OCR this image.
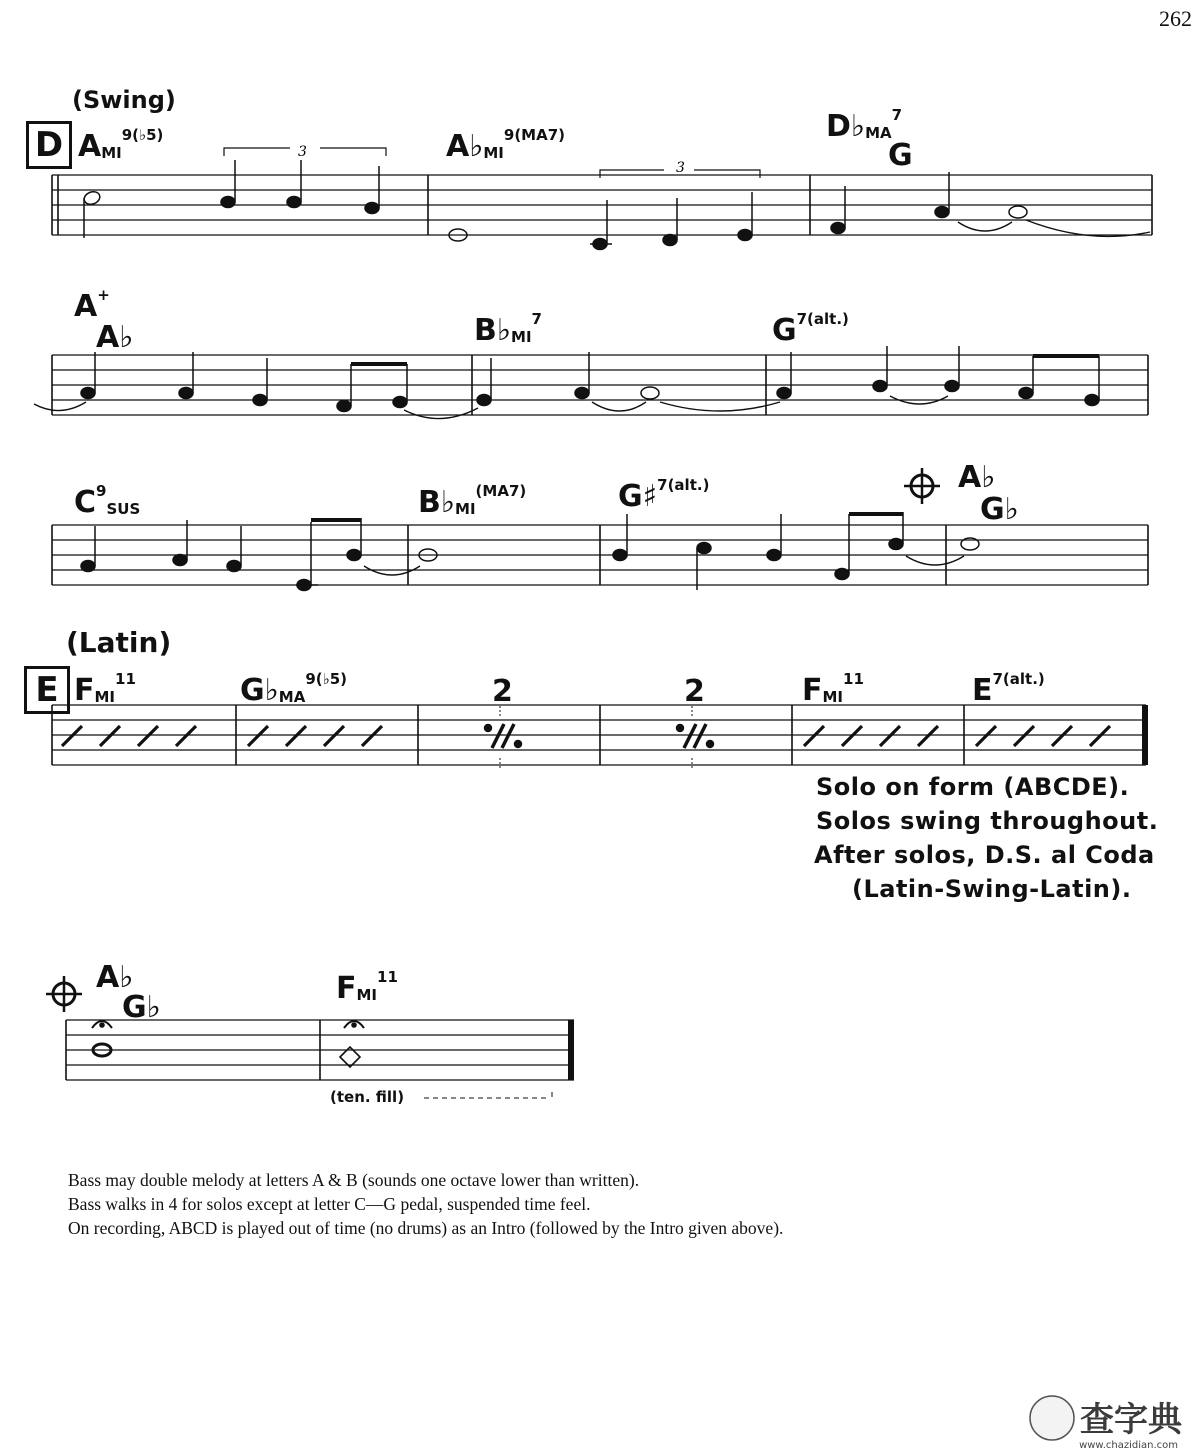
262
(Swing)
D $A_{MI}^{9(♭5)}$	$A♭_{MI}^{9(MA7)}$	$D♭_{MA}^7$
G
A+
A♭	$B♭_{MI}^7$	$G^{7(alt.)}$
$C^9_{SUS}$	$B♭_{MI}^{(MA7)}$	G♯$^{7(alt.)}$	A♭
G♭
(Latin)
E $F_{MI}^{11}$	$G♭_{MA}^{9(♭5)}$	2	2	$F_{MI}^{11}$	$E^{7(alt.)}$
Solo on form (ABCDE).
Solos swing throughout.
After solos, D.S. al Coda
(Latin-Swing-Latin).
A♭
G♭
$F_{MI}^{11}$
(ten. fill)
Bass may double melody at letters A & B (sounds one octave lower than written).
Bass walks in 4 for solos except at letter C—G pedal, suspended time feel.
On recording, ABCD is played out of time (no drums) as an Intro (followed by the Intro given above).
查字典
www.chazidian.com
3
3
